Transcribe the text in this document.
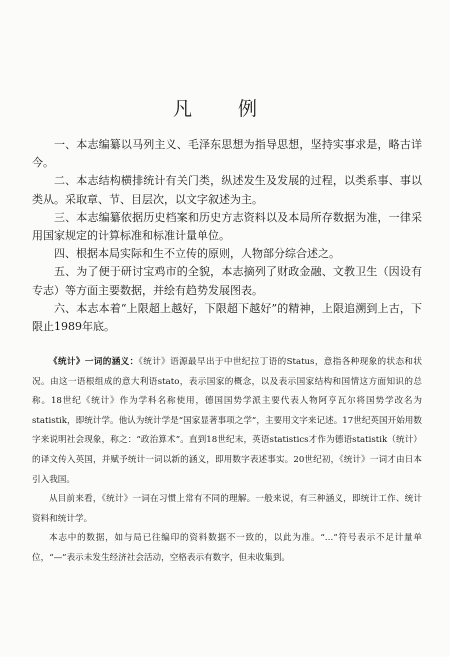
凡 例

一、本志编纂以马列主义、毛泽东思想为指导思想，坚持实事求是，略古详今。

二、本志结构横排统计有关门类，纵述发生及发展的过程，以类系事、事以类从。采取章、节、目层次，以文字叙述为主。

三、本志编纂依据历史档案和历史方志资料以及本局所存数据为准，一律采用国家规定的计算标准和标准计量单位。

四、根据本局实际和生不立传的原则，人物部分综合述之。

五、为了便于研讨宝鸡市的全貌，本志摘列了财政金融、文教卫生（因设有专志）等方面主要数据，并绘有趋势发展图表。

六、本志本着“上限超上越好，下限超下越好”的精神，上限追溯到上古，下限止1989年底。

《统计》一词的涵义：《统计》语源最早出于中世纪拉丁语的Status，意指各种现象的状态和状况。由这一语根组成的意大利语stato，表示国家的概念，以及表示国家结构和国情这方面知识的总称。18世纪《统计》作为学科名称使用，德国国势学派主要代表人物阿亨瓦尔将国势学改名为statistik，即统计学。他认为统计学是“国家显著事项之学”，主要用文字来记述。17世纪英国开始用数字来说明社会现象，称之：“政治算术”。直到18世纪末，英语statistics才作为德语statistik（统计）的译文传入英国，并赋予统计一词以新的涵义，即用数字表述事实。20世纪初，《统计》一词才由日本引入我国。

从目前来看，《统计》一词在习惯上常有不同的理解。一般来说，有三种涵义，即统计工作、统计资料和统计学。

本志中的数据，如与局已往编印的资料数据不一致的，以此为准。“…”符号表示不足计量单位，“—”表示未发生经济社会活动，空格表示有数字，但未收集到。
